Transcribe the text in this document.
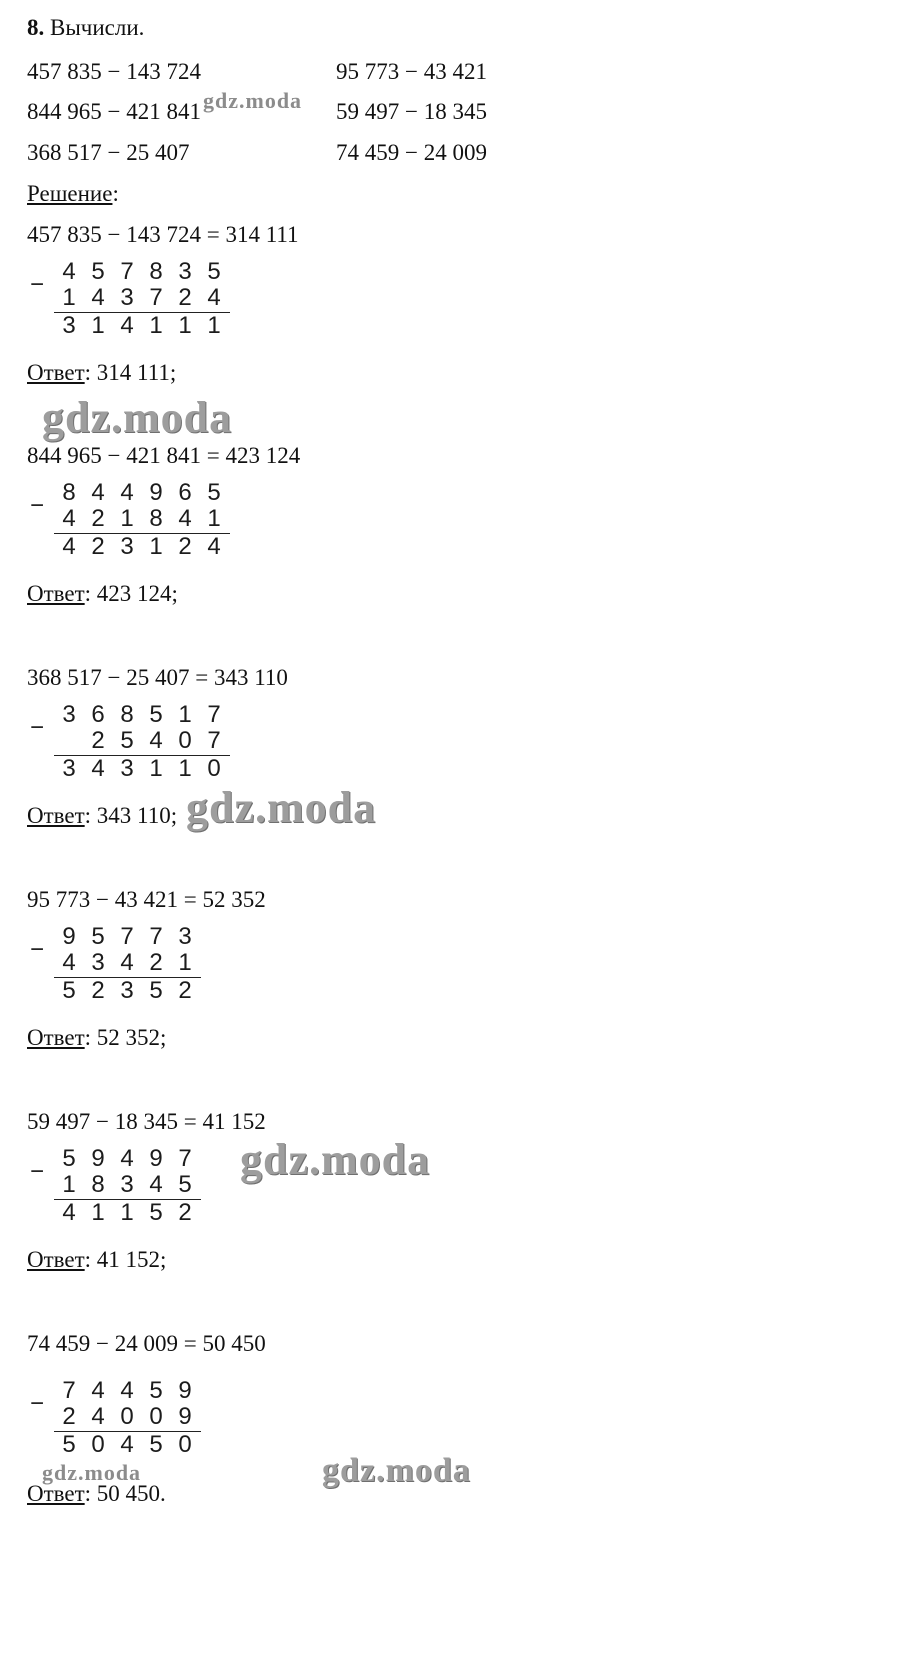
8. Вычисли.
457 835 − 143 724
844 965 − 421 841
368 517 − 25 407
95 773 − 43 421
59 497 − 18 345
74 459 − 24 009
Решение:
457 835 − 143 724 = 314 111
4 5 7 8 3 5
1 4 3 7 2 4
3 1 4 1 1 1
−
Ответ: 314 111;
844 965 − 421 841 = 423 124
8 4 4 9 6 5
4 2 1 8 4 1
4 2 3 1 2 4
−
Ответ: 423 124;
368 517 − 25 407 = 343 110
3 6 8 5 1 7
2 5 4 0 7
3 4 3 1 1 0
−
Ответ: 343 110;
95 773 − 43 421 = 52 352
9 5 7 7 3
4 3 4 2 1
5 2 3 5 2
−
Ответ: 52 352;
59 497 − 18 345 = 41 152
5 9 4 9 7
1 8 3 4 5
4 1 1 5 2
−
Ответ: 41 152;
74 459 − 24 009 = 50 450
7 4 4 5 9
2 4 0 0 9
5 0 4 5 0
−
Ответ: 50 450.
gdz.moda
gdz.moda
gdz.moda
gdz.moda
gdz.moda	gdz.moda
